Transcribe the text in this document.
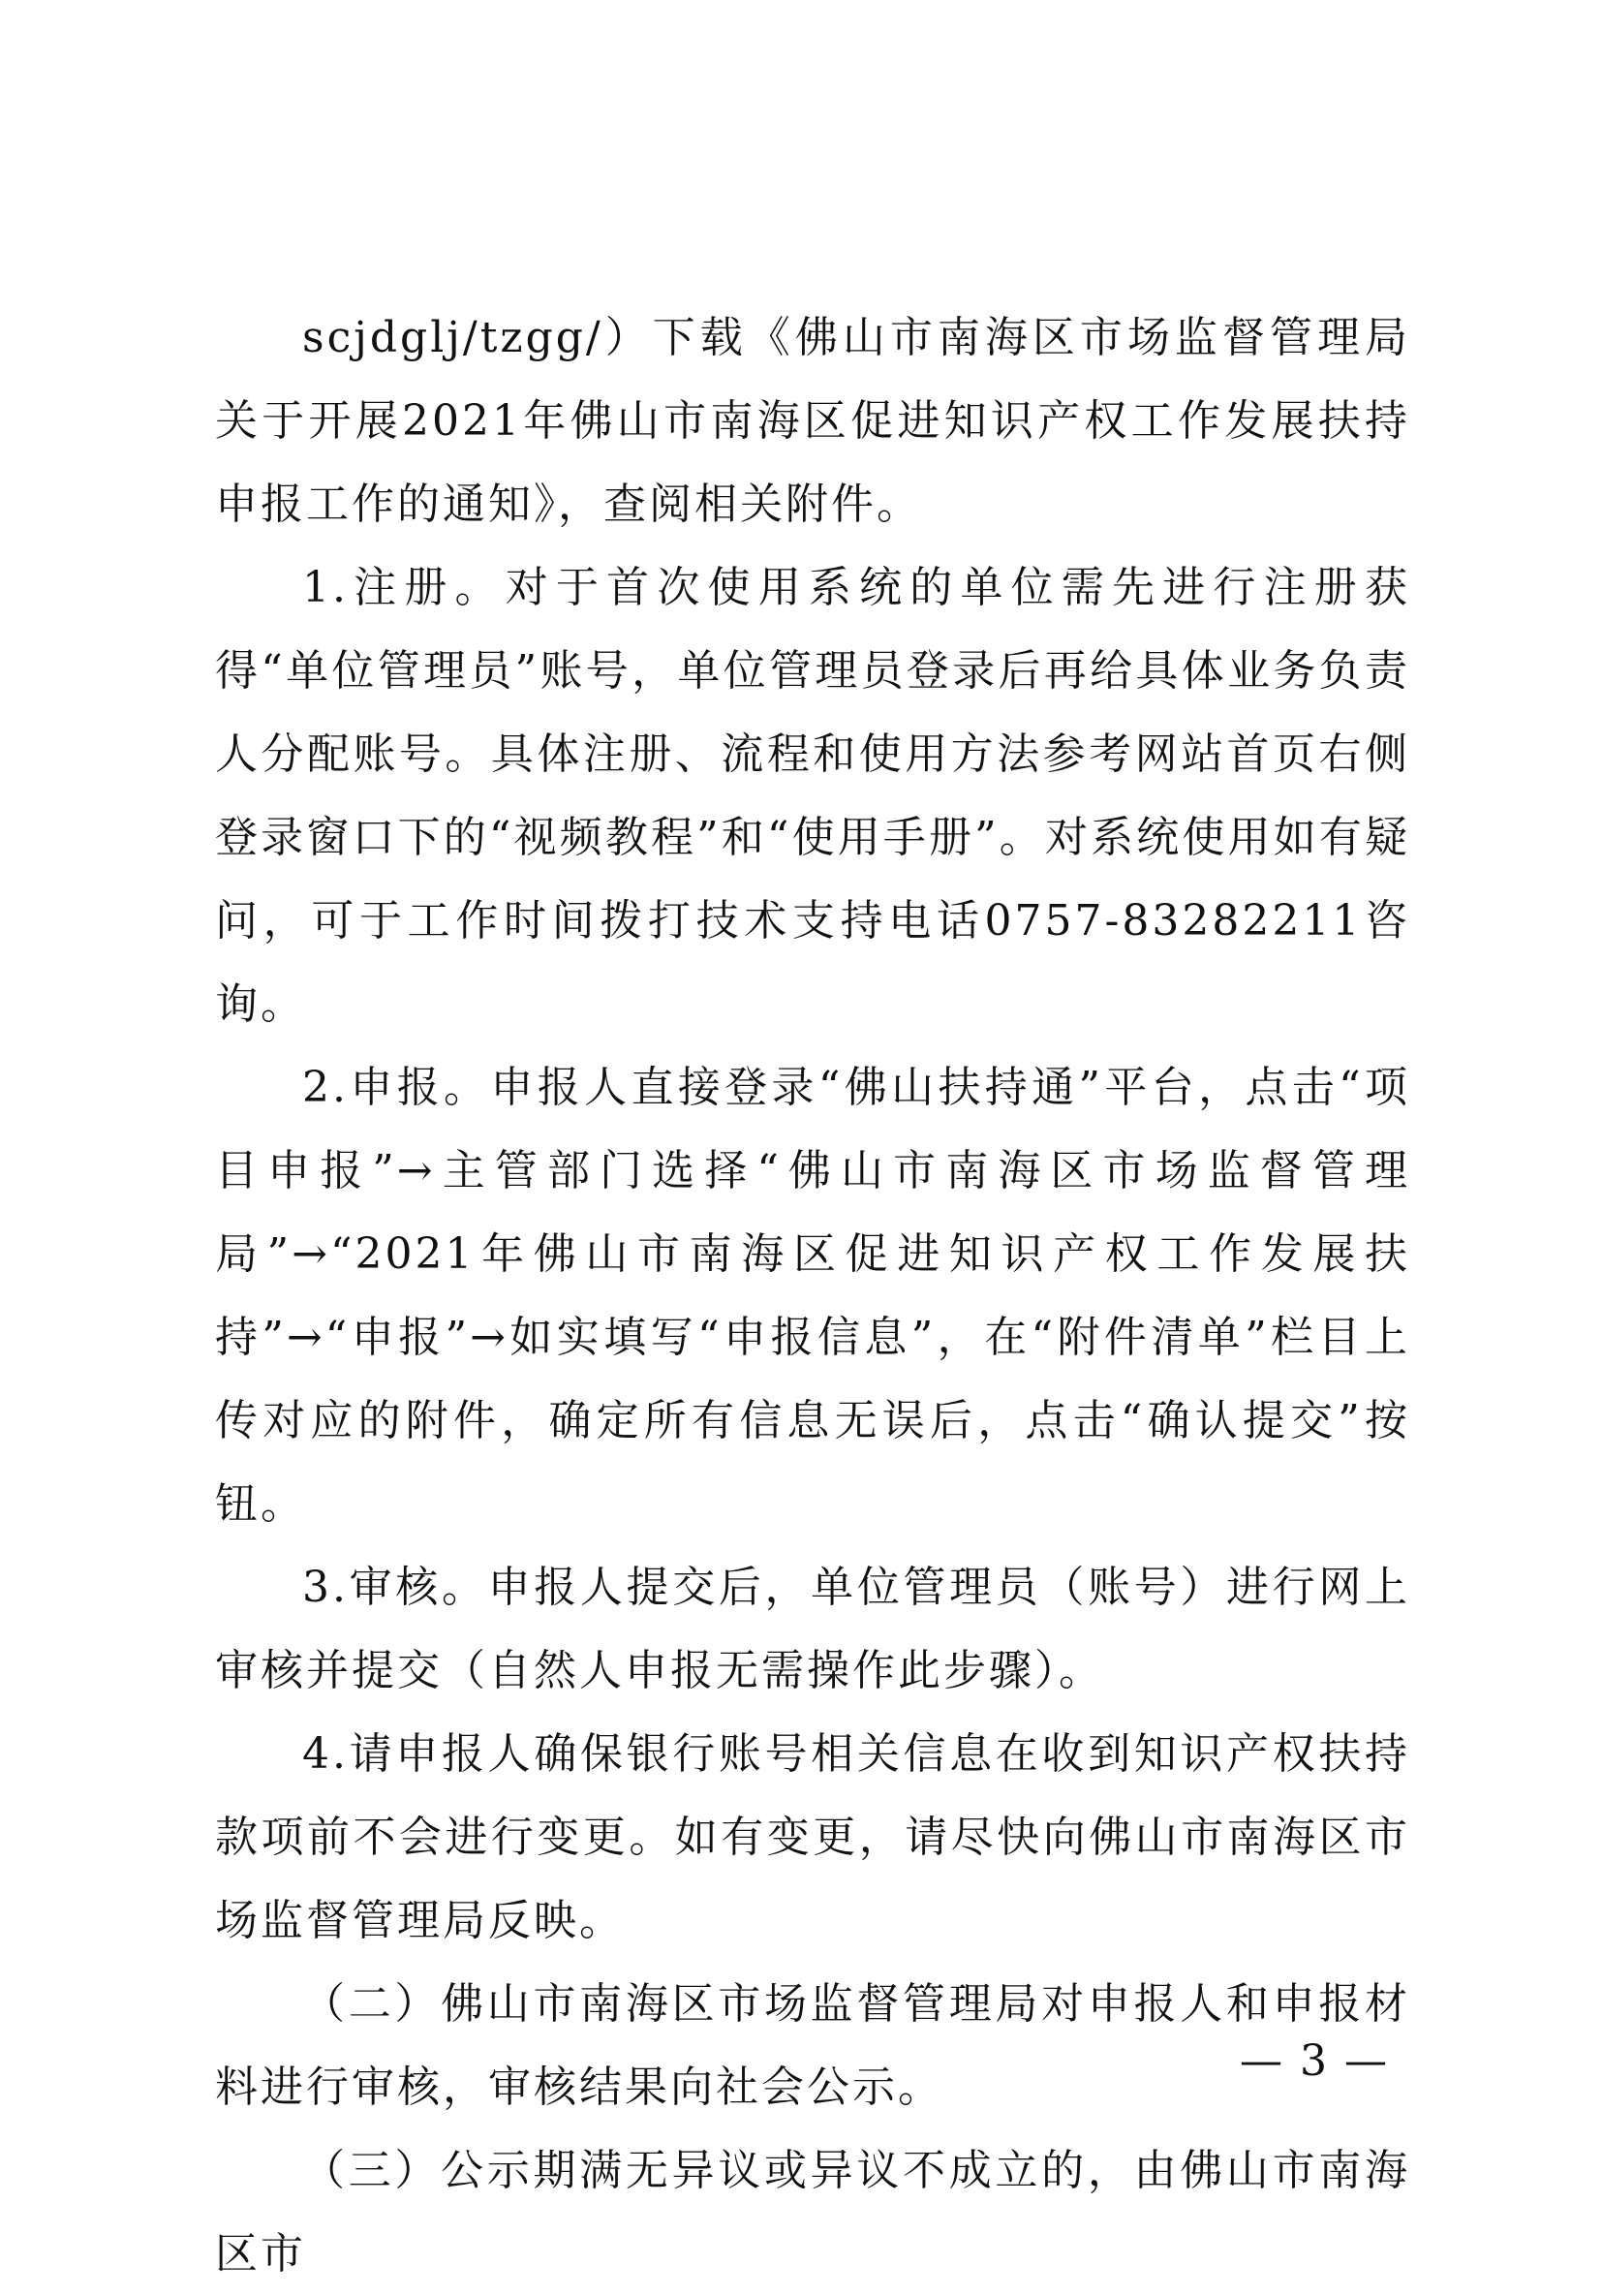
scjdglj/tzgg/）下载《佛山市南海区市场监督管理局关于开展2021年佛山市南海区促进知识产权工作发展扶持申报工作的通知》，查阅相关附件。

1.注册。对于首次使用系统的单位需先进行注册获得“单位管理员”账号，单位管理员登录后再给具体业务负责人分配账号。具体注册、流程和使用方法参考网站首页右侧登录窗口下的“视频教程”和“使用手册”。对系统使用如有疑问，可于工作时间拨打技术支持电话0757-83282211咨询。

2.申报。申报人直接登录“佛山扶持通”平台，点击“项目申报”→主管部门选择“佛山市南海区市场监督管理局”→“2021年佛山市南海区促进知识产权工作发展扶持”→“申报”→如实填写“申报信息”，在“附件清单”栏目上传对应的附件，确定所有信息无误后，点击“确认提交”按钮。

3.审核。申报人提交后，单位管理员（账号）进行网上审核并提交（自然人申报无需操作此步骤）。

4.请申报人确保银行账号相关信息在收到知识产权扶持款项前不会进行变更。如有变更，请尽快向佛山市南海区市场监督管理局反映。

（二）佛山市南海区市场监督管理局对申报人和申报材料进行审核，审核结果向社会公示。

（三）公示期满无异议或异议不成立的，由佛山市南海区市

— 3 —
